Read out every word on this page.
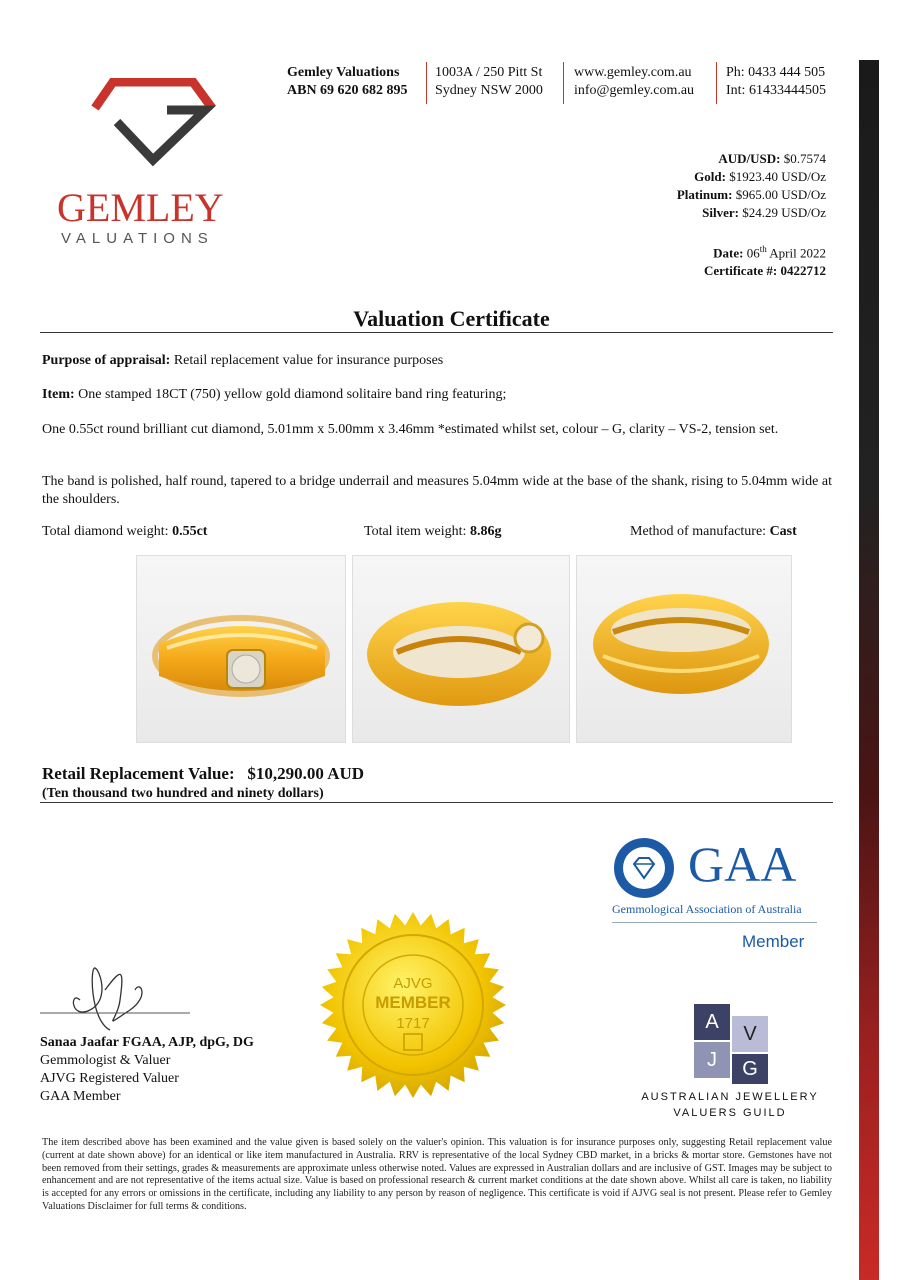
GEMLEY
VALUATIONS
Gemley Valuations
ABN 69 620 682 895
1003A / 250 Pitt St
Sydney NSW 2000
www.gemley.com.au
info@gemley.com.au
Ph: 0433 444 505
Int: 61433444505
AUD/USD: $0.7574
Gold: $1923.40 USD/Oz
Platinum: $965.00 USD/Oz
Silver: $24.29 USD/Oz
Date: 06th April 2022
Certificate #: 0422712
Valuation Certificate
Purpose of appraisal: Retail replacement value for insurance purposes
Item: One stamped 18CT (750) yellow gold diamond solitaire band ring featuring;
One 0.55ct round brilliant cut diamond, 5.01mm x 5.00mm x 3.46mm *estimated whilst set, colour – G, clarity – VS-2, tension set.
The band is polished, half round, tapered to a bridge underrail and measures 5.04mm wide at the base of the shank, rising to 5.04mm wide at the shoulders.
Total diamond weight: 0.55ct	Total item weight: 8.86g	Method of manufacture: Cast
Retail Replacement Value: $10,290.00 AUD
(Ten thousand two hundred and ninety dollars)
GAA
Gemmological Association of Australia
Member
AJVG
MEMBER
1717	A
V
J	G
AUSTRALIAN JEWELLERY
VALUERS GUILD
Sanaa Jaafar FGAA, AJP, dpG, DG
Gemmologist & Valuer
AJVG Registered Valuer
GAA Member
The item described above has been examined and the value given is based solely on the valuer's opinion. This valuation is for insurance purposes only, suggesting Retail replacement value (current at date shown above) for an identical or like item manufactured in Australia. RRV is representative of the local Sydney CBD market, in a bricks & mortar store. Gemstones have not been removed from their settings, grades & measurements are approximate unless otherwise noted. Values are expressed in Australian dollars and are inclusive of GST. Images may be subject to enhancement and are not representative of the items actual size. Value is based on professional research & current market conditions at the date shown above. Whilst all care is taken, no liability is accepted for any errors or omissions in the certificate, including any liability to any person by reason of negligence. This certificate is void if AJVG seal is not present. Please refer to Gemley Valuations Disclaimer for full terms & conditions.
